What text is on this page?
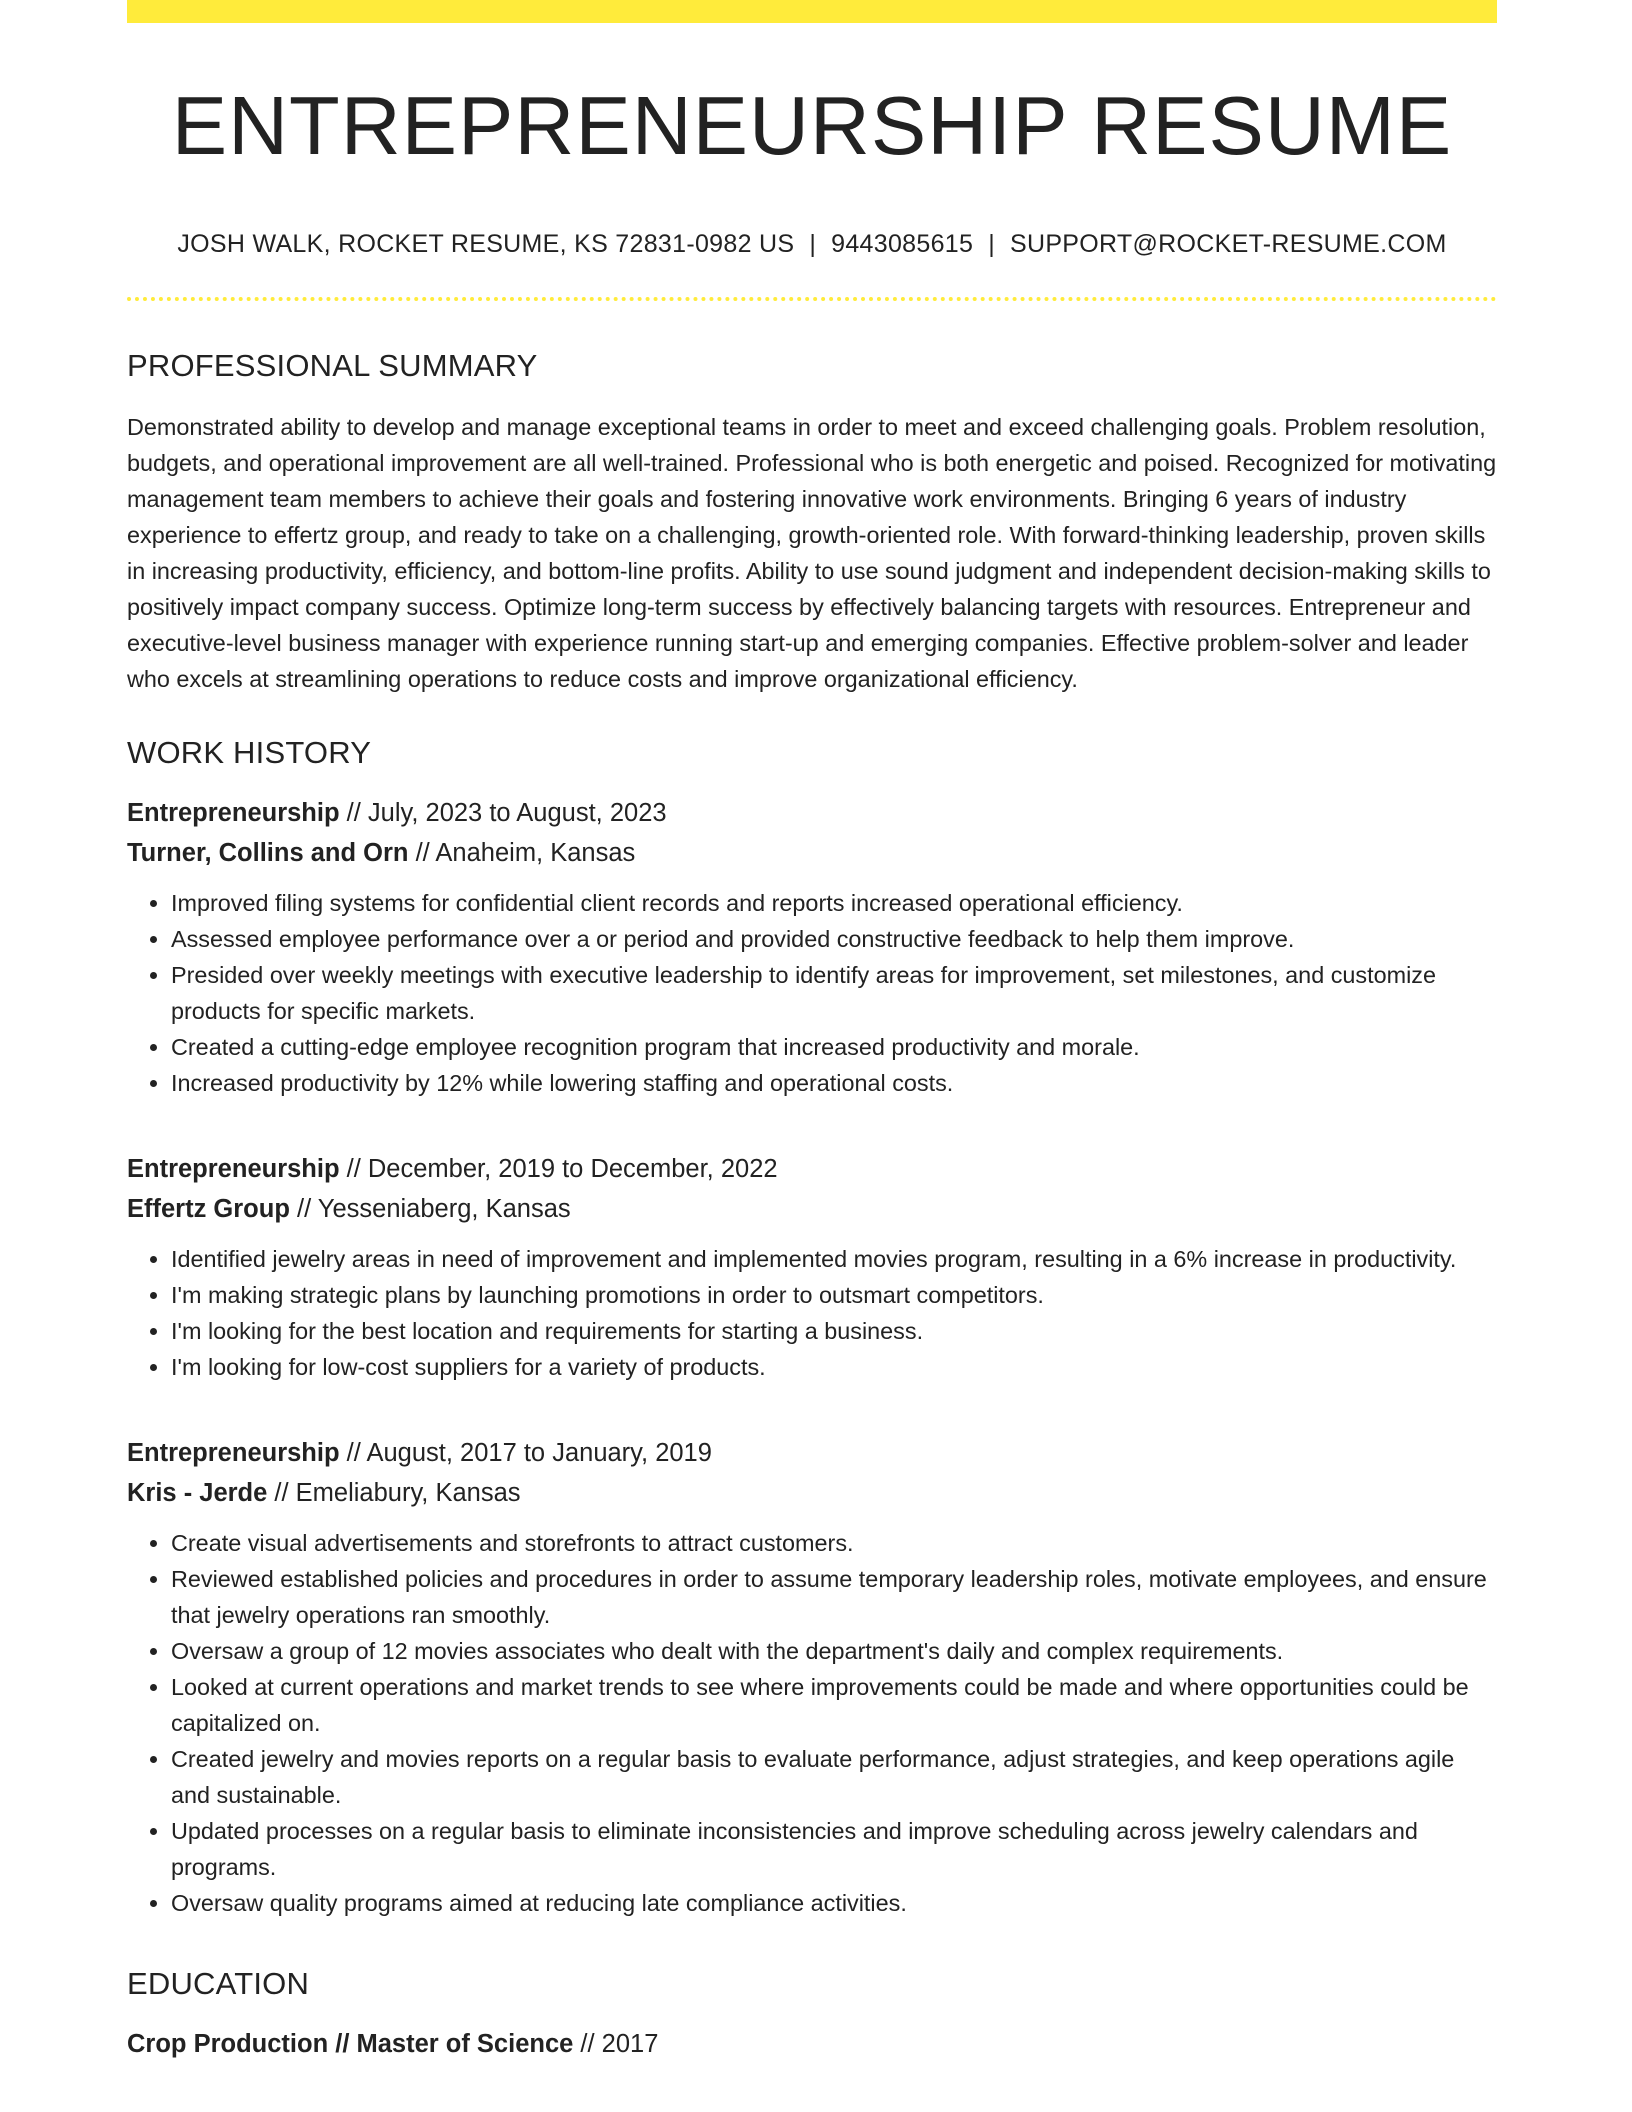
ENTREPRENEURSHIP RESUME
JOSH WALK, ROCKET RESUME, KS 72831-0982 US | 9443085615 | SUPPORT@ROCKET-RESUME.COM
PROFESSIONAL SUMMARY

Demonstrated ability to develop and manage exceptional teams in order to meet and exceed challenging goals. Problem resolution, budgets, and operational improvement are all well-trained. Professional who is both energetic and poised. Recognized for motivating management team members to achieve their goals and fostering innovative work environments. Bringing 6 years of industry experience to effertz group, and ready to take on a challenging, growth-oriented role. With forward-thinking leadership, proven skills in increasing productivity, efficiency, and bottom-line profits. Ability to use sound judgment and independent decision-making skills to positively impact company success. Optimize long-term success by effectively balancing targets with resources. Entrepreneur and executive-level business manager with experience running start-up and emerging companies. Effective problem-solver and leader who excels at streamlining operations to reduce costs and improve organizational efficiency.

WORK HISTORY
Entrepreneurship // July, 2023 to August, 2023
Turner, Collins and Orn // Anaheim, Kansas
• Improved filing systems for confidential client records and reports increased operational efficiency.
• Assessed employee performance over a or period and provided constructive feedback to help them improve.
• Presided over weekly meetings with executive leadership to identify areas for improvement, set milestones, and customize products for specific markets.
• Created a cutting-edge employee recognition program that increased productivity and morale.
• Increased productivity by 12% while lowering staffing and operational costs.
Entrepreneurship // December, 2019 to December, 2022
Effertz Group // Yesseniaberg, Kansas
• Identified jewelry areas in need of improvement and implemented movies program, resulting in a 6% increase in productivity.
• I'm making strategic plans by launching promotions in order to outsmart competitors.
• I'm looking for the best location and requirements for starting a business.
• I'm looking for low-cost suppliers for a variety of products.
Entrepreneurship // August, 2017 to January, 2019
Kris - Jerde // Emeliabury, Kansas
• Create visual advertisements and storefronts to attract customers.
• Reviewed established policies and procedures in order to assume temporary leadership roles, motivate employees, and ensure that jewelry operations ran smoothly.
• Oversaw a group of 12 movies associates who dealt with the department's daily and complex requirements.
• Looked at current operations and market trends to see where improvements could be made and where opportunities could be capitalized on.
• Created jewelry and movies reports on a regular basis to evaluate performance, adjust strategies, and keep operations agile and sustainable.
• Updated processes on a regular basis to eliminate inconsistencies and improve scheduling across jewelry calendars and programs.
• Oversaw quality programs aimed at reducing late compliance activities.
EDUCATION
Crop Production // Master of Science // 2017
